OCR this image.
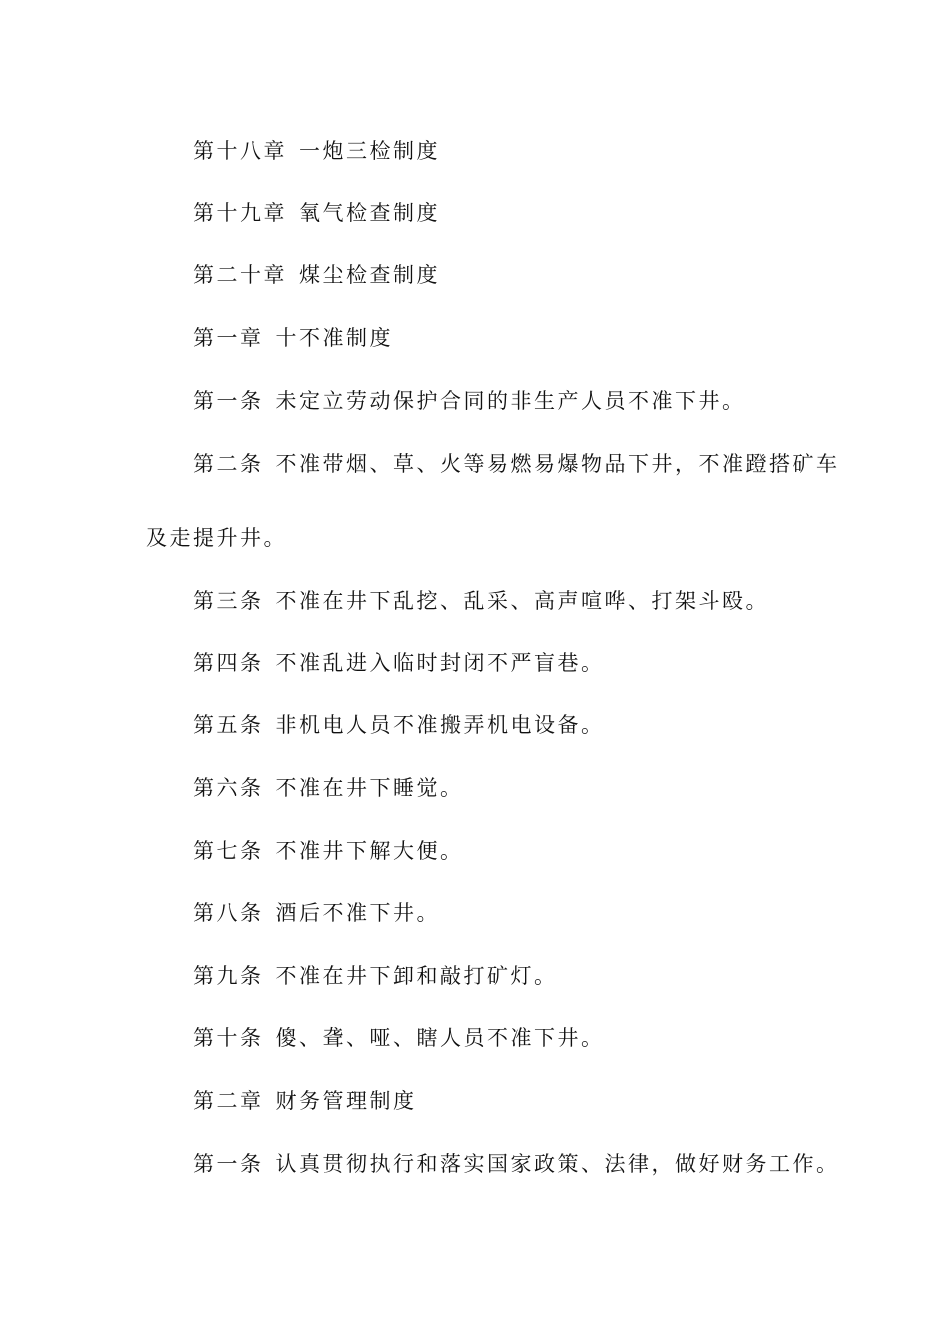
第十八章 一炮三检制度
第十九章 氧气检查制度
第二十章 煤尘检查制度
第一章 十不准制度
第一条 未定立劳动保护合同的非生产人员不准下井。
第二条 不准带烟、草、火等易燃易爆物品下井，不准蹬搭矿车
及走提升井。
第三条 不准在井下乱挖、乱采、高声喧哗、打架斗殴。
第四条 不准乱进入临时封闭不严盲巷。
第五条 非机电人员不准搬弄机电设备。
第六条 不准在井下睡觉。
第七条 不准井下解大便。
第八条 酒后不准下井。
第九条 不准在井下卸和敲打矿灯。
第十条 傻、聋、哑、瞎人员不准下井。
第二章 财务管理制度
第一条 认真贯彻执行和落实国家政策、法律，做好财务工作。
